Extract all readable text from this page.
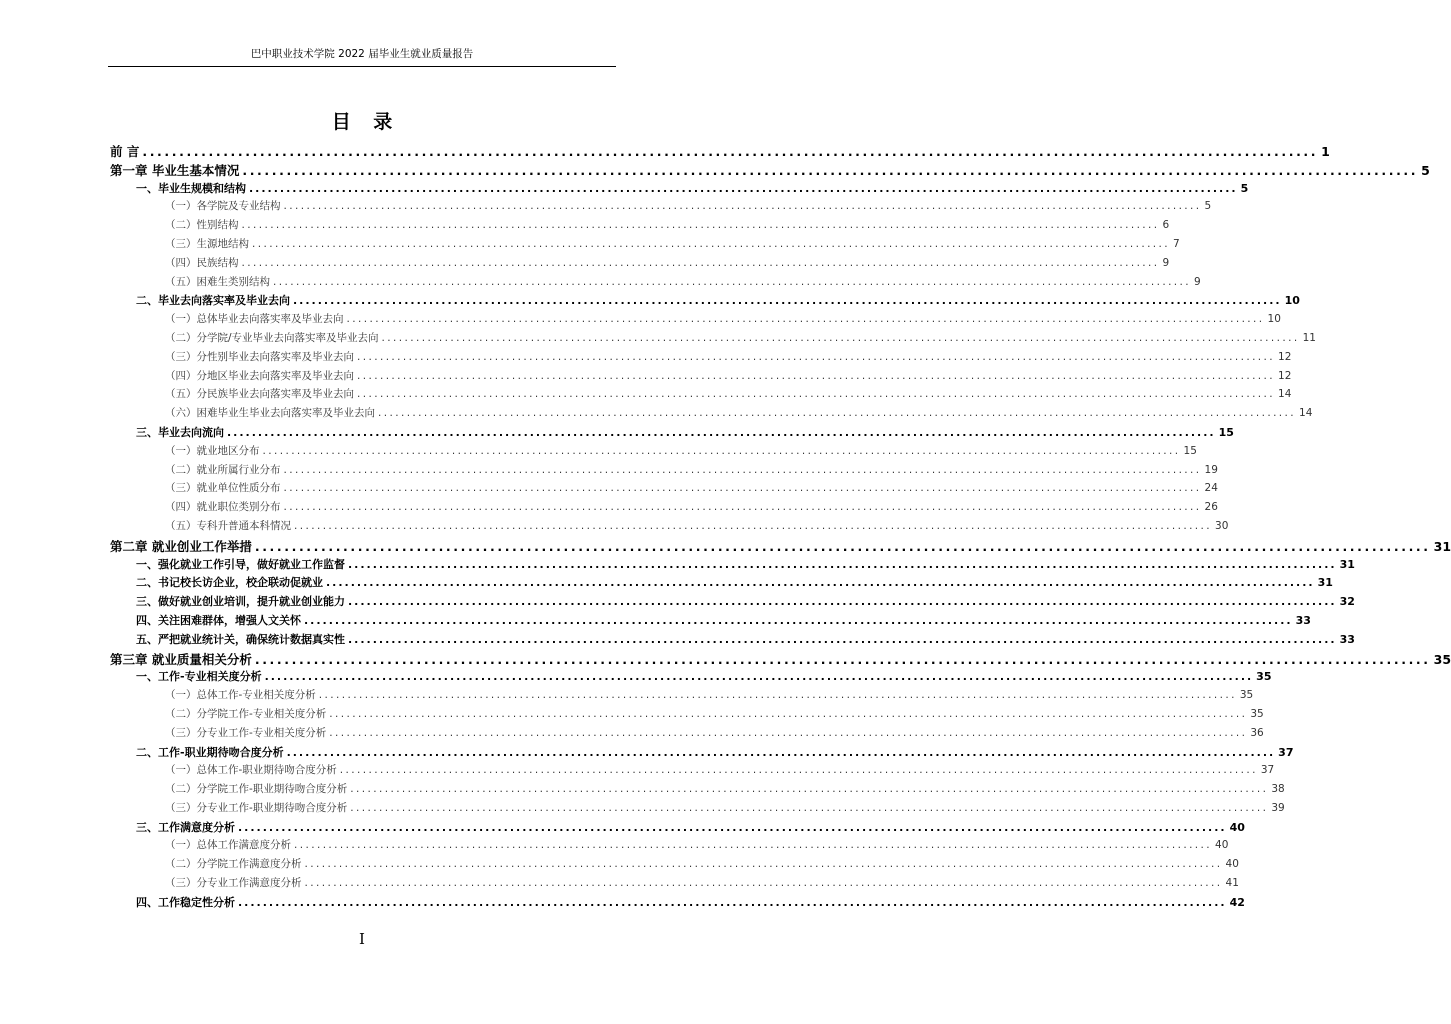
巴中职业技术学院 2022 届毕业生就业质量报告
目 录
前 言 ................................................................................................................................................................ 1
第一章 毕业生基本情况 ................................................................................................................................................................ 5
一、毕业生规模和结构 ................................................................................................................................................................ 5
（一）各学院及专业结构 ................................................................................................................................................................ 5
（二）性别结构 ................................................................................................................................................................ 6
（三）生源地结构 ................................................................................................................................................................ 7
（四）民族结构 ................................................................................................................................................................ 9
（五）困难生类别结构 ................................................................................................................................................................ 9
二、毕业去向落实率及毕业去向 ................................................................................................................................................................ 10
（一）总体毕业去向落实率及毕业去向 ................................................................................................................................................................ 10
（二）分学院/专业毕业去向落实率及毕业去向 ................................................................................................................................................................ 11
（三）分性别毕业去向落实率及毕业去向 ................................................................................................................................................................ 12
（四）分地区毕业去向落实率及毕业去向 ................................................................................................................................................................ 12
（五）分民族毕业去向落实率及毕业去向 ................................................................................................................................................................ 14
（六）困难毕业生毕业去向落实率及毕业去向 ................................................................................................................................................................ 14
三、毕业去向流向 ................................................................................................................................................................ 15
（一）就业地区分布 ................................................................................................................................................................ 15
（二）就业所属行业分布 ................................................................................................................................................................ 19
（三）就业单位性质分布 ................................................................................................................................................................ 24
（四）就业职位类别分布 ................................................................................................................................................................ 26
（五）专科升普通本科情况 ................................................................................................................................................................ 30
第二章 就业创业工作举措 ................................................................................................................................................................ 31
一、强化就业工作引导，做好就业工作监督 ................................................................................................................................................................ 31
二、书记校长访企业，校企联动促就业 ................................................................................................................................................................ 31
三、做好就业创业培训，提升就业创业能力 ................................................................................................................................................................ 32
四、关注困难群体，增强人文关怀 ................................................................................................................................................................ 33
五、严把就业统计关，确保统计数据真实性 ................................................................................................................................................................ 33
第三章 就业质量相关分析 ................................................................................................................................................................ 35
一、工作-专业相关度分析 ................................................................................................................................................................ 35
（一）总体工作-专业相关度分析 ................................................................................................................................................................ 35
（二）分学院工作-专业相关度分析 ................................................................................................................................................................ 35
（三）分专业工作-专业相关度分析 ................................................................................................................................................................ 36
二、工作-职业期待吻合度分析 ................................................................................................................................................................ 37
（一）总体工作-职业期待吻合度分析 ................................................................................................................................................................ 37
（二）分学院工作-职业期待吻合度分析 ................................................................................................................................................................ 38
（三）分专业工作-职业期待吻合度分析 ................................................................................................................................................................ 39
三、工作满意度分析 ................................................................................................................................................................ 40
（一）总体工作满意度分析 ................................................................................................................................................................ 40
（二）分学院工作满意度分析 ................................................................................................................................................................ 40
（三）分专业工作满意度分析 ................................................................................................................................................................ 41
四、工作稳定性分析 ................................................................................................................................................................ 42
I
